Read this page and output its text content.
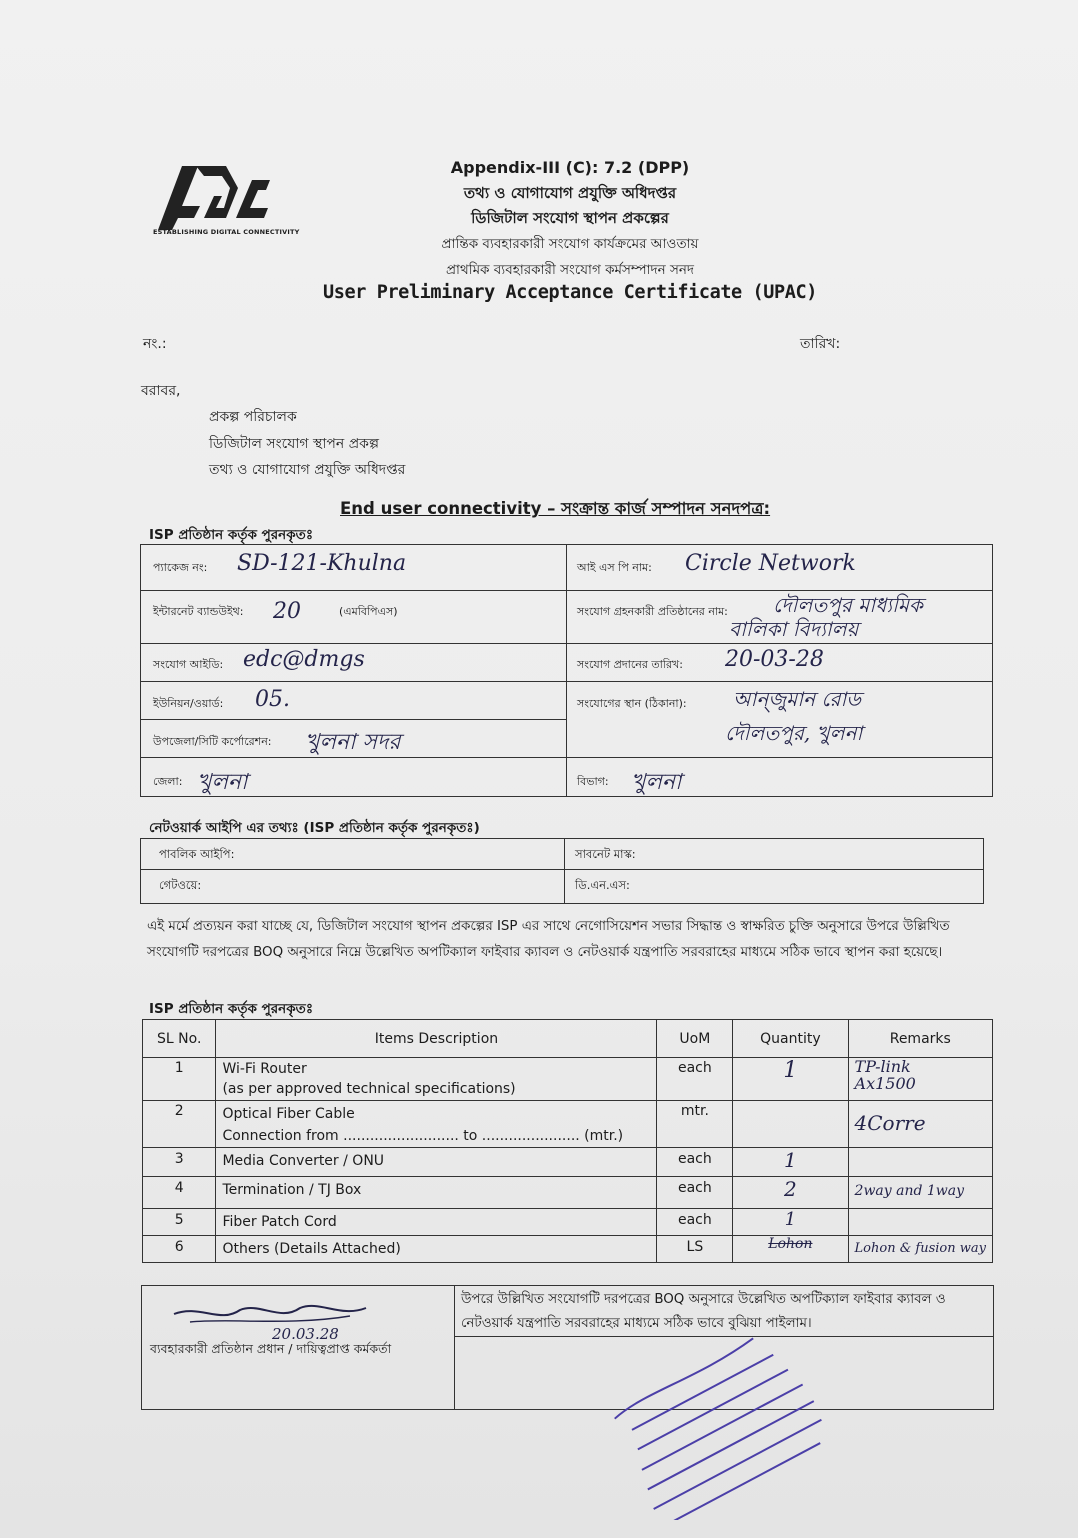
ESTABLISHING DIGITAL CONNECTIVITY
Appendix-III (C): 7.2 (DPP)
তথ্য ও যোগাযোগ প্রযুক্তি অধিদপ্তর
ডিজিটাল সংযোগ স্থাপন প্রকল্পের
প্রান্তিক ব্যবহারকারী সংযোগ কার্যক্রমের আওতায়
প্রাথমিক ব্যবহারকারী সংযোগ কর্মসম্পাদন সনদ
User Preliminary Acceptance Certificate (UPAC)
নং.:	তারিখ:
বরাবর,
প্রকল্প পরিচালক
ডিজিটাল সংযোগ স্থাপন প্রকল্প
তথ্য ও যোগাযোগ প্রযুক্তি অধিদপ্তর
End user connectivity – সংক্রান্ত কার্জ সম্পাদন সনদপত্র:
ISP প্রতিষ্ঠান কর্তৃক পুরনকৃতঃ
প্যাকেজ নং: SD-121-Khulna	আই এস পি নাম: Circle Network
ইন্টারনেট ব্যান্ডউইথ: 20	(এমবিপিএস)	সংযোগ গ্রহনকারী প্রতিষ্ঠানের নাম: দৌলতপুর মাধ্যমিক
বালিকা বিদ্যালয়
সংযোগ আইডি: edc@dmgs	সংযোগ প্রদানের তারিখ: 20-03-28
ইউনিয়ন/ওয়ার্ড: 05.	সংযোগের স্থান (ঠিকানা): আন্জুমান রোড
দৌলতপুর, খুলনা
উপজেলা/সিটি কর্পোরেশন: খুলনা সদর
জেলা: খুলনা	বিভাগ: খুলনা
নেটওয়ার্ক আইপি এর তথ্যঃ (ISP প্রতিষ্ঠান কর্তৃক পুরনকৃতঃ)
পাবলিক আইপি:	সাবনেট মাস্ক:
গেটওয়ে:	ডি.এন.এস:
এই মর্মে প্রত্যয়ন করা যাচ্ছে যে, ডিজিটাল সংযোগ স্থাপন প্রকল্পের ISP এর সাথে নেগোসিয়েশন সভার সিদ্ধান্ত ও স্বাক্ষরিত চুক্তি অনুসারে উপরে উল্লিখিত সংযোগটি দরপত্রের BOQ অনুসারে নিম্নে উল্লেখিত অপটিক্যাল ফাইবার ক্যাবল ও নেটওয়ার্ক যন্ত্রপাতি সরবরাহের মাধ্যমে সঠিক ভাবে স্থাপন করা হয়েছে।
ISP প্রতিষ্ঠান কর্তৃক পুরনকৃতঃ
SL No.	Items Description	UoM	Quantity	Remarks
1	Wi-Fi Router
(as per approved technical specifications)	each	1	TP-link
Ax1500
2	Optical Fiber Cable
Connection from .......................... to ...................... (mtr.)	mtr.		4Corre
3	Media Converter / ONU	each	1	
4	Termination / TJ Box	each	2	2way and 1way
5	Fiber Patch Cord	each	1	
6	Others (Details Attached)	LS	Lohon	Lohon & fusion way
উপরে উল্লিখিত সংযোগটি দরপত্রের BOQ অনুসারে উল্লেখিত অপটিক্যাল ফাইবার ক্যাবল ও নেটওয়ার্ক যন্ত্রপাতি সরবরাহের মাধ্যমে সঠিক ভাবে বুঝিয়া পাইলাম।
20.03.28
ব্যবহারকারী প্রতিষ্ঠান প্রধান / দায়িত্বপ্রাপ্ত কর্মকর্তা
